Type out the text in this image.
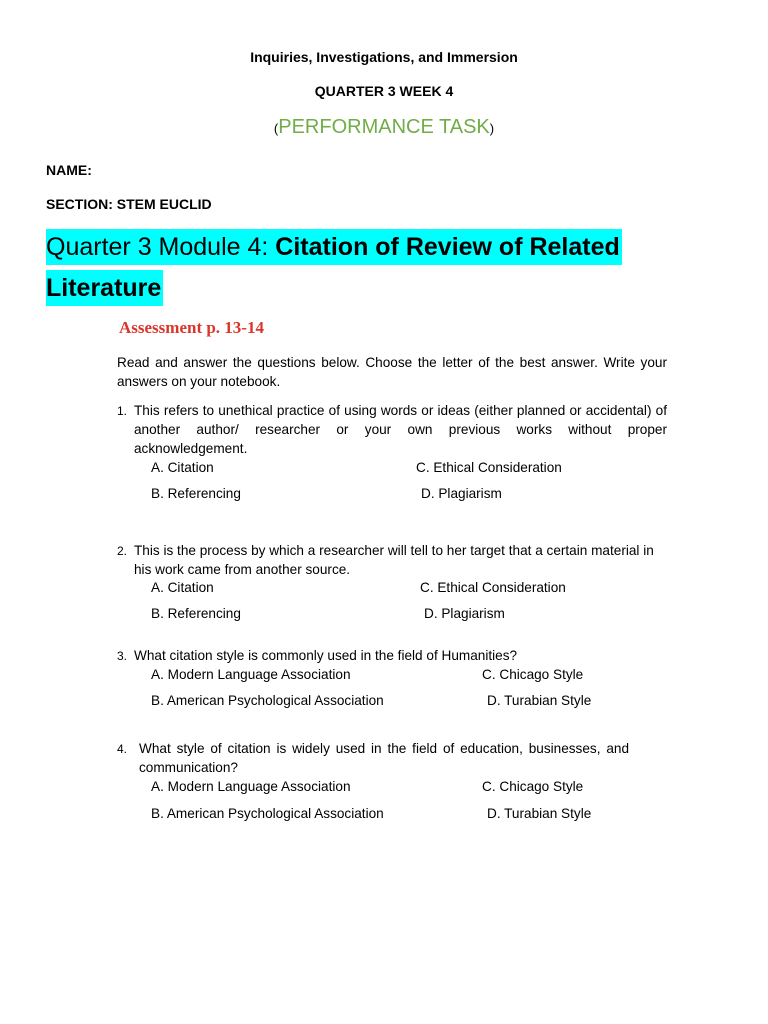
Inquiries, Investigations, and Immersion
QUARTER 3 WEEK 4
(PERFORMANCE TASK)
NAME:
SECTION: STEM EUCLID
Quarter 3 Module 4: Citation of Review of Related
Literature
Assessment p. 13-14
Read and answer the questions below. Choose the letter of the best answer. Write your answers on your notebook.
1. This refers to unethical practice of using words or ideas (either planned or accidental) of another author/ researcher or your own previous works without proper acknowledgement.
A. Citation	C. Ethical Consideration
B. Referencing	D. Plagiarism
2. This is the process by which a researcher will tell to her target that a certain material in his work came from another source.
A. Citation	C. Ethical Consideration
B. Referencing	D. Plagiarism
3. What citation style is commonly used in the field of Humanities?
A. Modern Language Association	C. Chicago Style
B. American Psychological Association	D. Turabian Style
4. What style of citation is widely used in the field of education, businesses, and communication?
A. Modern Language Association	C. Chicago Style
B. American Psychological Association	D. Turabian Style
